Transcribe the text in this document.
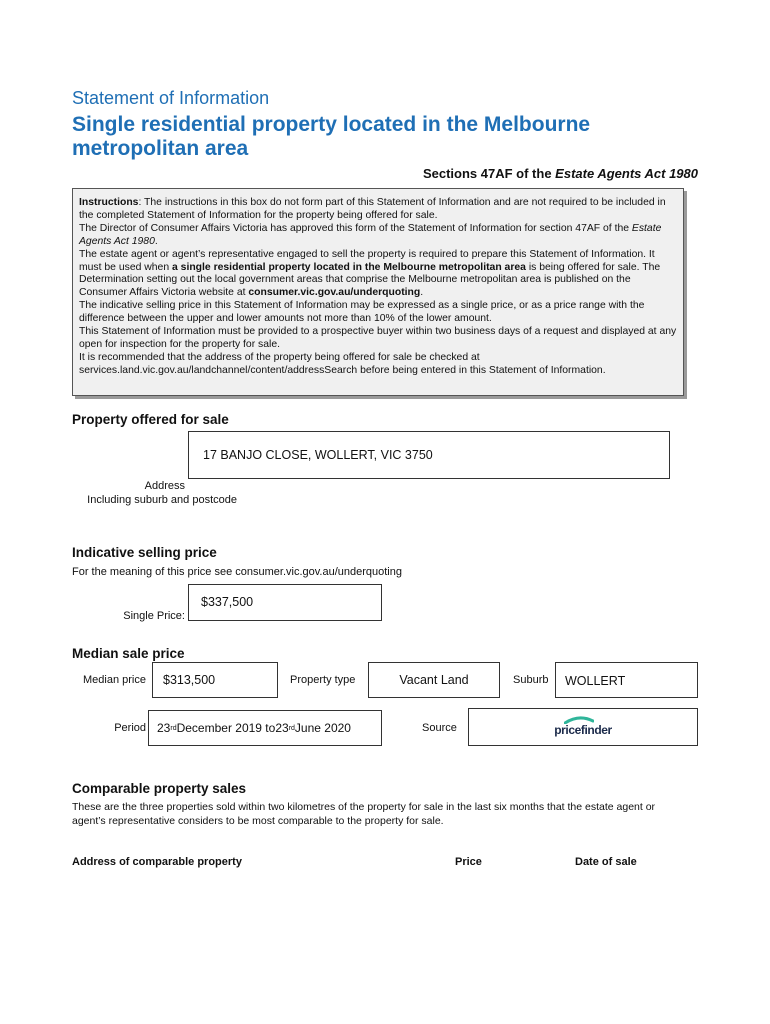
Statement of Information
Single residential property located in the Melbourne metropolitan area
Sections 47AF of the Estate Agents Act 1980

Instructions: The instructions in this box do not form part of this Statement of Information and are not required to be included in the completed Statement of Information for the property being offered for sale.

The Director of Consumer Affairs Victoria has approved this form of the Statement of Information for section 47AF of the Estate Agents Act 1980.

The estate agent or agent’s representative engaged to sell the property is required to prepare this Statement of Information. It must be used when a single residential property located in the Melbourne metropolitan area is being offered for sale. The Determination setting out the local government areas that comprise the Melbourne metropolitan area is published on the Consumer Affairs Victoria website at consumer.vic.gov.au/underquoting.

The indicative selling price in this Statement of Information may be expressed as a single price, or as a price range with the difference between the upper and lower amounts not more than 10% of the lower amount.

This Statement of Information must be provided to a prospective buyer within two business days of a request and displayed at any open for inspection for the property for sale.

It is recommended that the address of the property being offered for sale be checked at services.land.vic.gov.au/landchannel/content/addressSearch before being entered in this Statement of Information.

Property offered for sale
17 BANJO CLOSE, WOLLERT, VIC 3750
Address
Including suburb and postcode
Indicative selling price
For the meaning of this price see consumer.vic.gov.au/underquoting
$337,500
Single Price:
Median sale price
Median price	$313,500	Property type	Vacant Land	Suburb	WOLLERT
Period 23 rd December 2019 to 23 rd June 2020	Source	pricefinder
Comparable property sales
These are the three properties sold within two kilometres of the property for sale in the last six months that the estate agent or agent’s representative considers to be most comparable to the property for sale.
Address of comparable property	Price	Date of sale
